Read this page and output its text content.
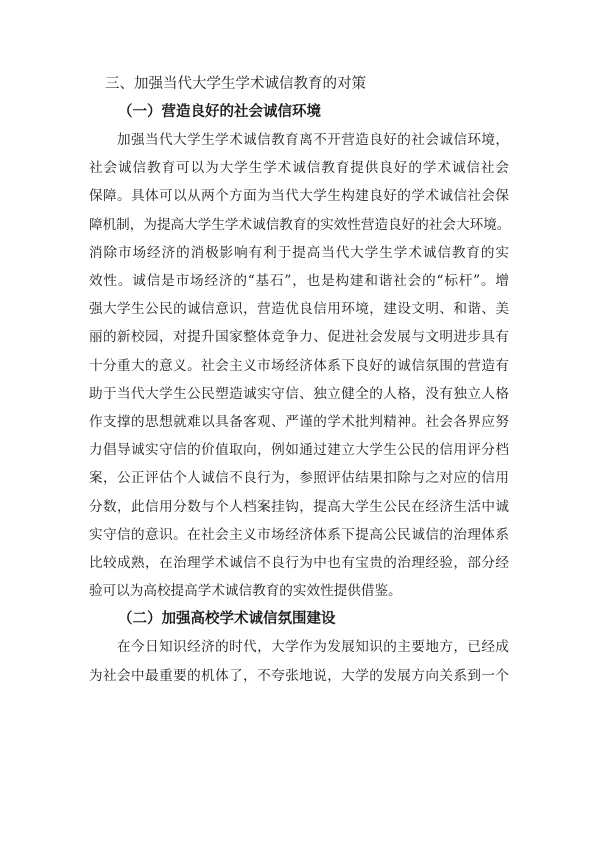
三、加强当代大学生学术诚信教育的对策
（一）营造良好的社会诚信环境

加强当代大学生学术诚信教育离不开营造良好的社会诚信环境，
社会诚信教育可以为大学生学术诚信教育提供良好的学术诚信社会
保障。具体可以从两个方面为当代大学生构建良好的学术诚信社会保
障机制，为提高大学生学术诚信教育的实效性营造良好的社会大环境。
消除市场经济的消极影响有利于提高当代大学生学术诚信教育的实
效性。诚信是市场经济的“基石”，也是构建和谐社会的“标杆”。增
强大学生公民的诚信意识，营造优良信用环境，建设文明、和谐、美
丽的新校园，对提升国家整体竞争力、促进社会发展与文明进步具有
十分重大的意义。社会主义市场经济体系下良好的诚信氛围的营造有
助于当代大学生公民塑造诚实守信、独立健全的人格，没有独立人格
作支撑的思想就难以具备客观、严谨的学术批判精神。社会各界应努
力倡导诚实守信的价值取向，例如通过建立大学生公民的信用评分档
案，公正评估个人诚信不良行为，参照评估结果扣除与之对应的信用
分数，此信用分数与个人档案挂钩，提高大学生公民在经济生活中诚
实守信的意识。在社会主义市场经济体系下提高公民诚信的治理体系
比较成熟，在治理学术诚信不良行为中也有宝贵的治理经验，部分经
验可以为高校提高学术诚信教育的实效性提供借鉴。

（二）加强高校学术诚信氛围建设

在今日知识经济的时代，大学作为发展知识的主要地方，已经成
为社会中最重要的机体了，不夸张地说，大学的发展方向关系到一个
